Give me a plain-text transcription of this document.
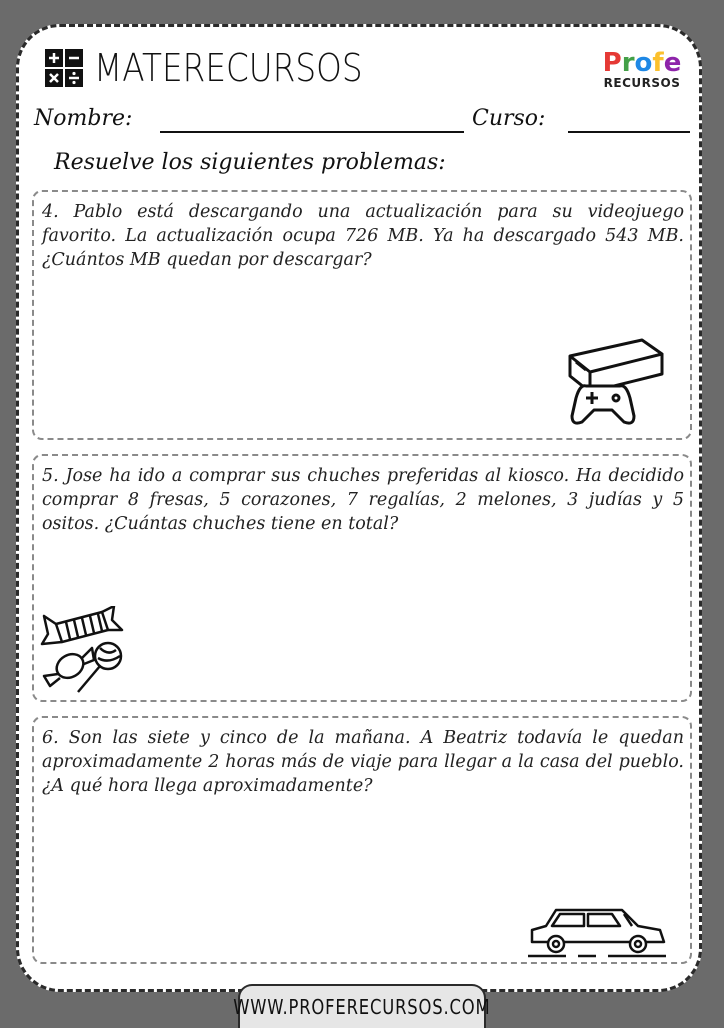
MATERECURSOS	Profe
RECURSOS
Nombre:	Curso:
Resuelve los siguientes problemas:
4. Pablo está descargando una actualización para su videojuego favorito. La actualización ocupa 726 MB. Ya ha descargado 543 MB. ¿Cuántos MB quedan por descargar?
5. Jose ha ido a comprar sus chuches preferidas al kiosco. Ha decidido comprar 8 fresas, 5 corazones, 7 regalías, 2 melones, 3 judías y 5 ositos. ¿Cuántas chuches tiene en total?
6. Son las siete y cinco de la mañana. A Beatriz todavía le quedan aproximadamente 2 horas más de viaje para llegar a la casa del pueblo. ¿A qué hora llega aproximadamente?
WWW.PROFERECURSOS.COM
